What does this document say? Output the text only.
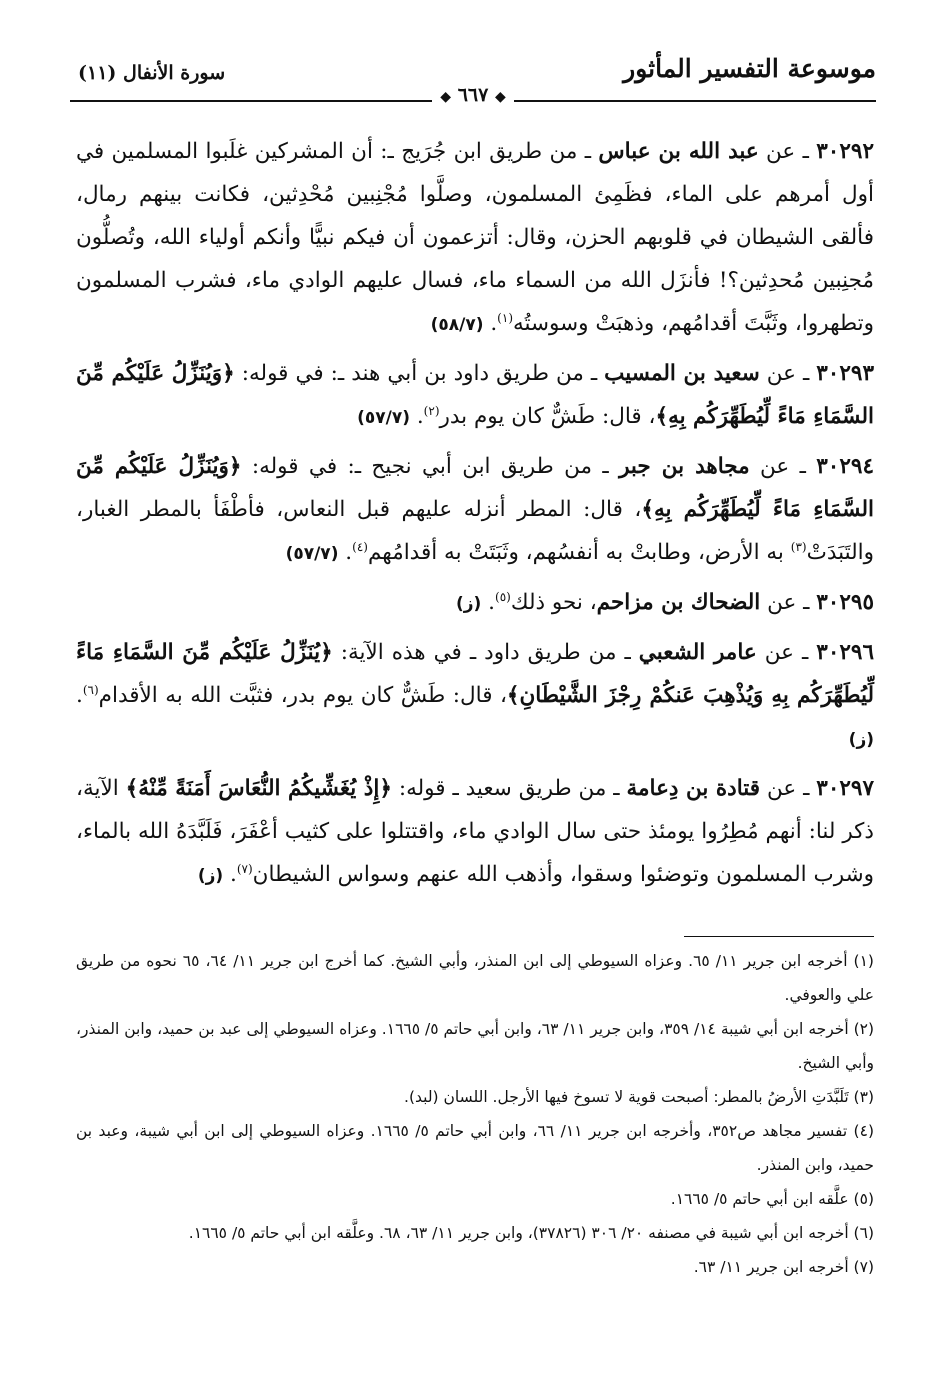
موسوعة التفسير المأثور
سورة الأنفال (١١)
◆ ٦٦٧ ◆

٣٠٢٩٢ ـ عن عبد الله بن عباس ـ من طريق ابن جُرَيج ـ: أن المشركين غلَبوا المسلمين في أول أمرهم على الماء، فظَمِئ المسلمون، وصلَّوا مُجْنِبين مُحْدِثين، فكانت بينهم رمال، فألقى الشيطان في قلوبهم الحزن، وقال: أتزعمون أن فيكم نبيًّا وأنكم أولياء الله، وتُصلُّون مُجنِبين مُحدِثين؟! فأنزَل الله من السماء ماء، فسال عليهم الوادي ماء، فشرب المسلمون وتطهروا، وثَبَّتَ أقدامُهم، وذهبَتْ وسوستُه$^{(١)}$. (٥٨/٧)

٣٠٢٩٣ ـ عن سعيد بن المسيب ـ من طريق داود بن أبي هند ـ: في قوله: ﴿وَيُنَزِّلُ عَلَيْكُم مِّنَ السَّمَاءِ مَاءً لِّيُطَهِّرَكُم بِهِ﴾، قال: طَشٌّ كان يوم بدر$^{(٢)}$. (٥٧/٧)

٣٠٢٩٤ ـ عن مجاهد بن جبر ـ من طريق ابن أبي نجيح ـ: في قوله: ﴿وَيُنَزِّلُ عَلَيْكُم مِّنَ السَّمَاءِ مَاءً لِّيُطَهِّرَكُم بِهِ﴾، قال: المطر أنزله عليهم قبل النعاس، فأطْفَأ بالمطر الغبار، والتَبَدَتْ$^{(٣)}$ به الأرض، وطابتْ به أنفسُهم، وثَبَتَتْ به أقدامُهم$^{(٤)}$. (٥٧/٧)

٣٠٢٩٥ ـ عن الضحاك بن مزاحم، نحو ذلك$^{(٥)}$. (ز)

٣٠٢٩٦ ـ عن عامر الشعبي ـ من طريق داود ـ في هذه الآية: ﴿يُنَزِّلُ عَلَيْكُم مِّنَ السَّمَاءِ مَاءً لِّيُطَهِّرَكُم بِهِ وَيُذْهِبَ عَنكُمْ رِجْزَ الشَّيْطَانِ﴾، قال: طَشٌّ كان يوم بدر، فثبَّت الله به الأقدام$^{(٦)}$. (ز)

٣٠٢٩٧ ـ عن قتادة بن دِعامة ـ من طريق سعيد ـ قوله: ﴿إِذْ يُغَشِّيكُمُ النُّعَاسَ أَمَنَةً مِّنْهُ﴾ الآية، ذكر لنا: أنهم مُطِرُوا يومئذ حتى سال الوادي ماء، واقتتلوا على كثيب أعْفَرَ، فَلَبَّدَهُ الله بالماء، وشرب المسلمون وتوضئوا وسقوا، وأذهب الله عنهم وسواس الشيطان$^{(٧)}$. (ز)

(١) أخرجه ابن جرير ١١/ ٦٥. وعزاه السيوطي إلى ابن المنذر، وأبي الشيخ. كما أخرج ابن جرير ١١/ ٦٤، ٦٥ نحوه من طريق علي والعوفي.

(٢) أخرجه ابن أبي شيبة ١٤/ ٣٥٩، وابن جرير ١١/ ٦٣، وابن أبي حاتم ٥/ ١٦٦٥. وعزاه السيوطي إلى عبد بن حميد، وابن المنذر، وأبي الشيخ.

(٣) تَلَبَّدَتِ الأرضُ بالمطر: أصبحت قوية لا تسوخ فيها الأرجل. اللسان (لبد).

(٤) تفسير مجاهد ص٣٥٢، وأخرجه ابن جرير ١١/ ٦٦، وابن أبي حاتم ٥/ ١٦٦٥. وعزاه السيوطي إلى ابن أبي شيبة، وعبد بن حميد، وابن المنذر.

(٥) علَّقه ابن أبي حاتم ٥/ ١٦٦٥.

(٦) أخرجه ابن أبي شيبة في مصنفه ٢٠/ ٣٠٦ (٣٧٨٢٦)، وابن جرير ١١/ ٦٣، ٦٨. وعلَّقه ابن أبي حاتم ٥/ ١٦٦٥.

(٧) أخرجه ابن جرير ١١/ ٦٣.
